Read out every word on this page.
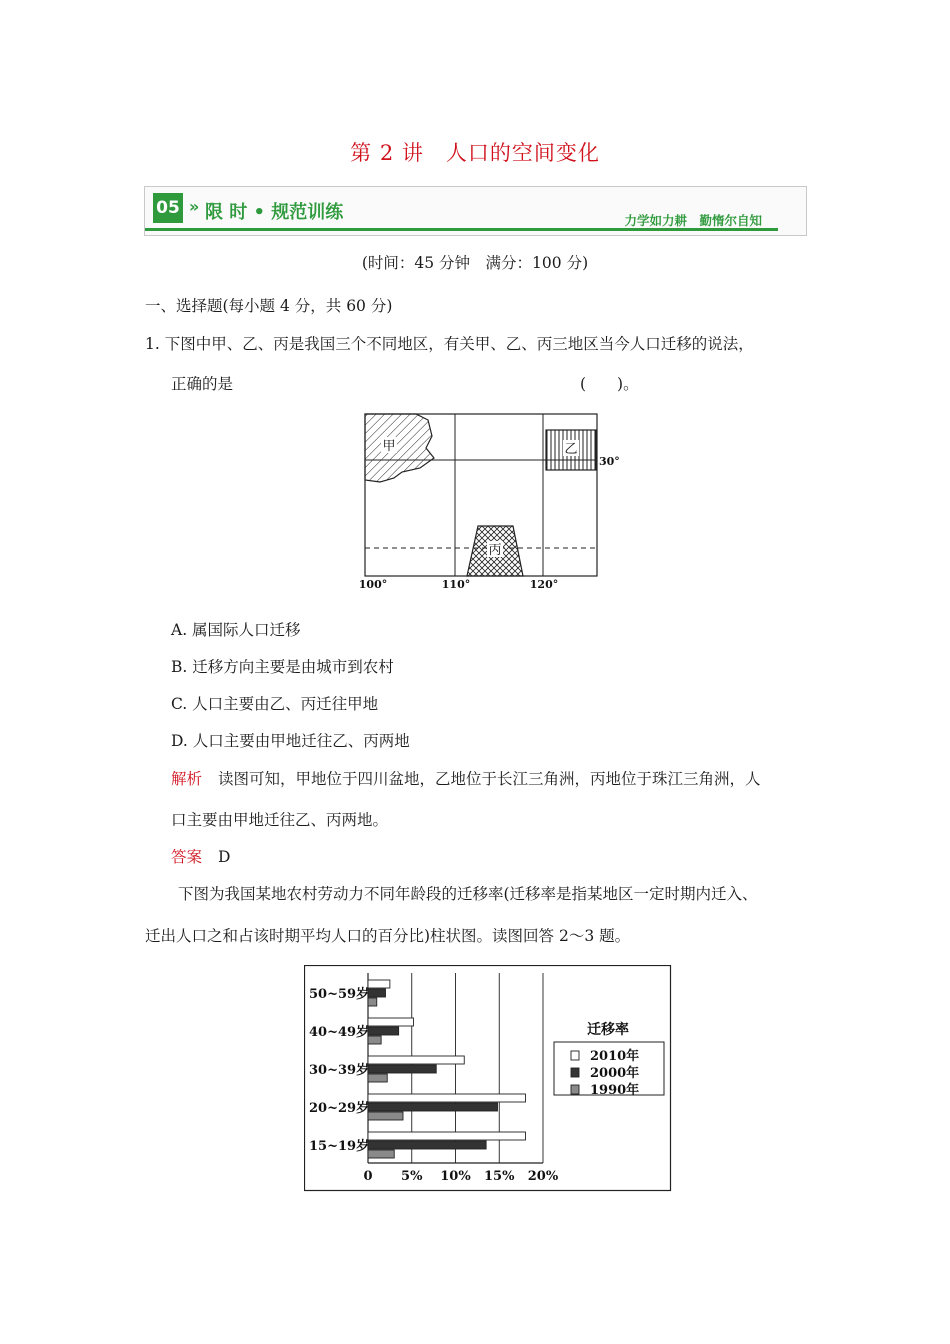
第 2 讲　人口的空间变化
05 » 限 时 • 规范训练	力学如力耕　勤惰尔自知
(时间：45 分钟　满分：100 分)
一、选择题(每小题 4 分，共 60 分)
1. 下图中甲、乙、丙是我国三个不同地区，有关甲、乙、丙三地区当今人口迁移的说法，
正确的是	(　　)。
甲	乙
丙
30°
100°	110°	120°
A. 属国际人口迁移
B. 迁移方向主要是由城市到农村
C. 人口主要由乙、丙迁往甲地
D. 人口主要由甲地迁往乙、丙两地
解析 读图可知，甲地位于四川盆地，乙地位于长江三角洲，丙地位于珠江三角洲，人
口主要由甲地迁往乙、丙两地。
答案 D
下图为我国某地农村劳动力不同年龄段的迁移率(迁移率是指某地区一定时期内迁入、
迁出人口之和占该时期平均人口的百分比)柱状图。读图回答 2～3 题。
0 5% 10% 15% 20%
50~59岁
40~49岁
30~39岁
20~29岁
15~19岁
迁移率
2010年
2000年
1990年
